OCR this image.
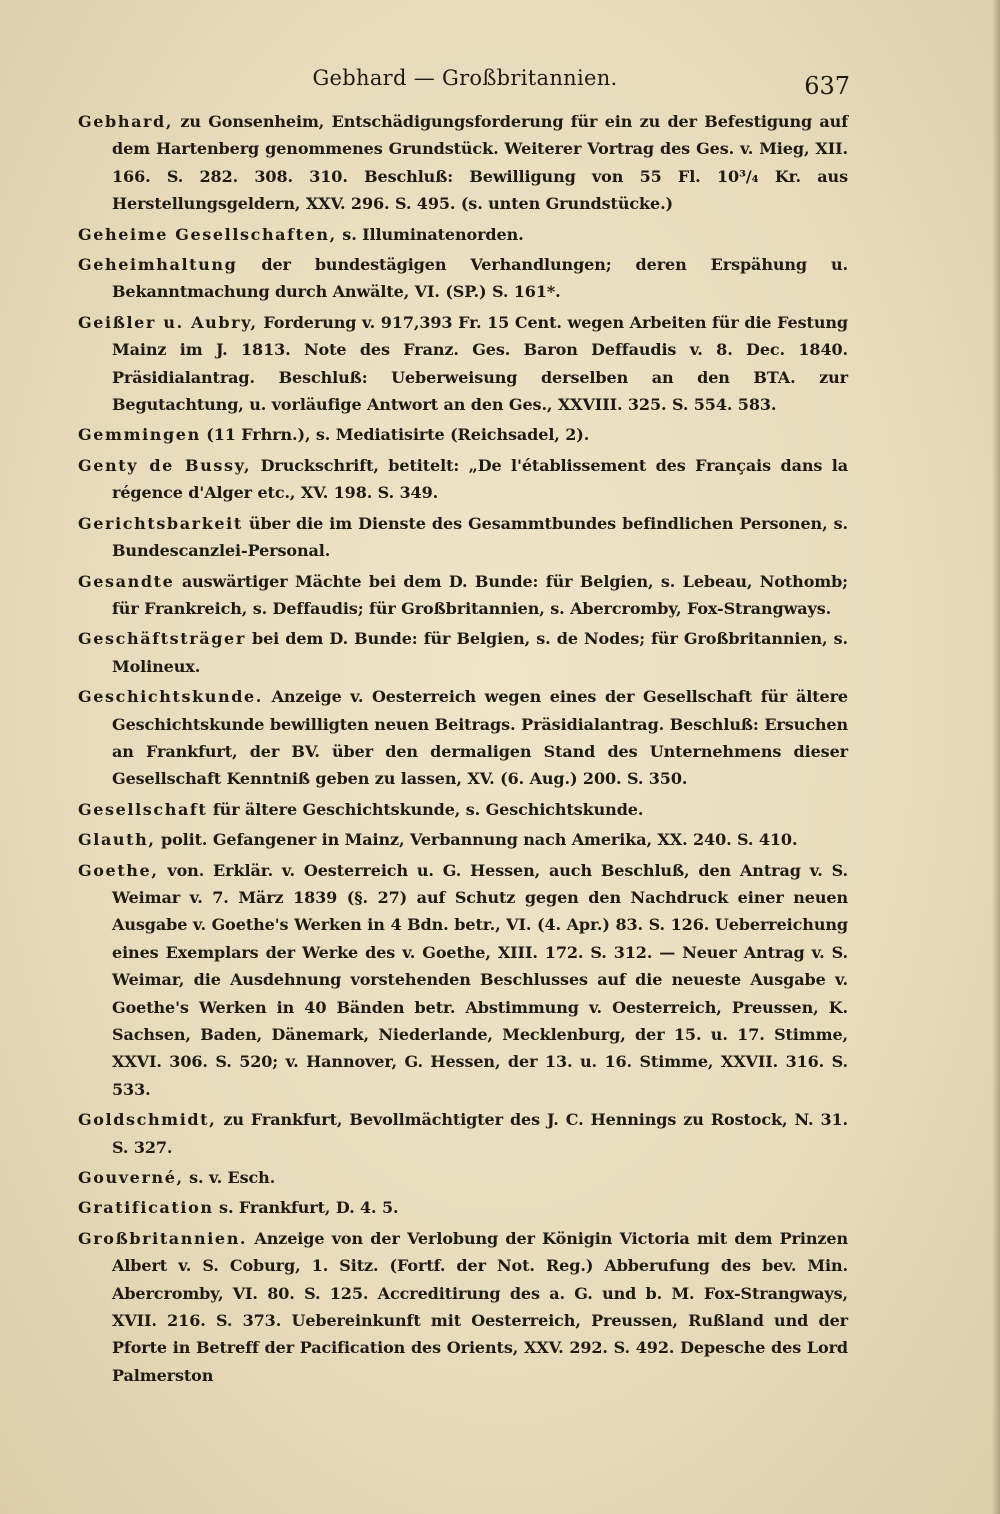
Gebhard — Großbritannien.	637

Gebhard, zu Gonsenheim, Entschädigungsforderung für ein zu der Befestigung auf dem Hartenberg genommenes Grundstück. Weiterer Vortrag des Ges. v. Mieg, XII. 166. S. 282. 308. 310. Beschluß: Bewilligung von 55 Fl. 10³/₄ Kr. aus Herstellungsgeldern, XXV. 296. S. 495. (s. unten Grundstücke.)

Geheime Gesellschaften, s. Illuminatenorden.

Geheimhaltung der bundestägigen Verhandlungen; deren Erspähung u. Bekanntmachung durch Anwälte, VI. (SP.) S. 161*.

Geißler u. Aubry, Forderung v. 917,393 Fr. 15 Cent. wegen Arbeiten für die Festung Mainz im J. 1813. Note des Franz. Ges. Baron Deffaudis v. 8. Dec. 1840. Präsidialantrag. Beschluß: Ueberweisung derselben an den BTA. zur Begutachtung, u. vorläufige Antwort an den Ges., XXVIII. 325. S. 554. 583.

Gemmingen (11 Frhrn.), s. Mediatisirte (Reichsadel, 2).

Genty de Bussy, Druckschrift, betitelt: „De l'établissement des Français dans la régence d'Alger etc., XV. 198. S. 349.

Gerichtsbarkeit über die im Dienste des Gesammtbundes befindlichen Personen, s. Bundescanzlei-Personal.

Gesandte auswärtiger Mächte bei dem D. Bunde: für Belgien, s. Lebeau, Nothomb; für Frankreich, s. Deffaudis; für Großbritannien, s. Abercromby, Fox-Strangways.

Geschäftsträger bei dem D. Bunde: für Belgien, s. de Nodes; für Großbritannien, s. Molineux.

Geschichtskunde. Anzeige v. Oesterreich wegen eines der Gesellschaft für ältere Geschichtskunde bewilligten neuen Beitrags. Präsidialantrag. Beschluß: Ersuchen an Frankfurt, der BV. über den dermaligen Stand des Unternehmens dieser Gesellschaft Kenntniß geben zu lassen, XV. (6. Aug.) 200. S. 350.

Gesellschaft für ältere Geschichtskunde, s. Geschichtskunde.

Glauth, polit. Gefangener in Mainz, Verbannung nach Amerika, XX. 240. S. 410.

Goethe, von. Erklär. v. Oesterreich u. G. Hessen, auch Beschluß, den Antrag v. S. Weimar v. 7. März 1839 (§. 27) auf Schutz gegen den Nachdruck einer neuen Ausgabe v. Goethe's Werken in 4 Bdn. betr., VI. (4. Apr.) 83. S. 126. Ueberreichung eines Exemplars der Werke des v. Goethe, XIII. 172. S. 312. — Neuer Antrag v. S. Weimar, die Ausdehnung vorstehenden Beschlusses auf die neueste Ausgabe v. Goethe's Werken in 40 Bänden betr. Abstimmung v. Oesterreich, Preussen, K. Sachsen, Baden, Dänemark, Niederlande, Mecklenburg, der 15. u. 17. Stimme, XXVI. 306. S. 520; v. Hannover, G. Hessen, der 13. u. 16. Stimme, XXVII. 316. S. 533.

Goldschmidt, zu Frankfurt, Bevollmächtigter des J. C. Hennings zu Rostock, N. 31. S. 327.

Gouverné, s. v. Esch.

Gratification s. Frankfurt, D. 4. 5.

Großbritannien. Anzeige von der Verlobung der Königin Victoria mit dem Prinzen Albert v. S. Coburg, 1. Sitz. (Fortf. der Not. Reg.) Abberufung des bev. Min. Abercromby, VI. 80. S. 125. Accreditirung des a. G. und b. M. Fox-Strangways, XVII. 216. S. 373. Uebereinkunft mit Oesterreich, Preussen, Rußland und der Pforte in Betreff der Pacification des Orients, XXV. 292. S. 492. Depesche des Lord Palmerston
